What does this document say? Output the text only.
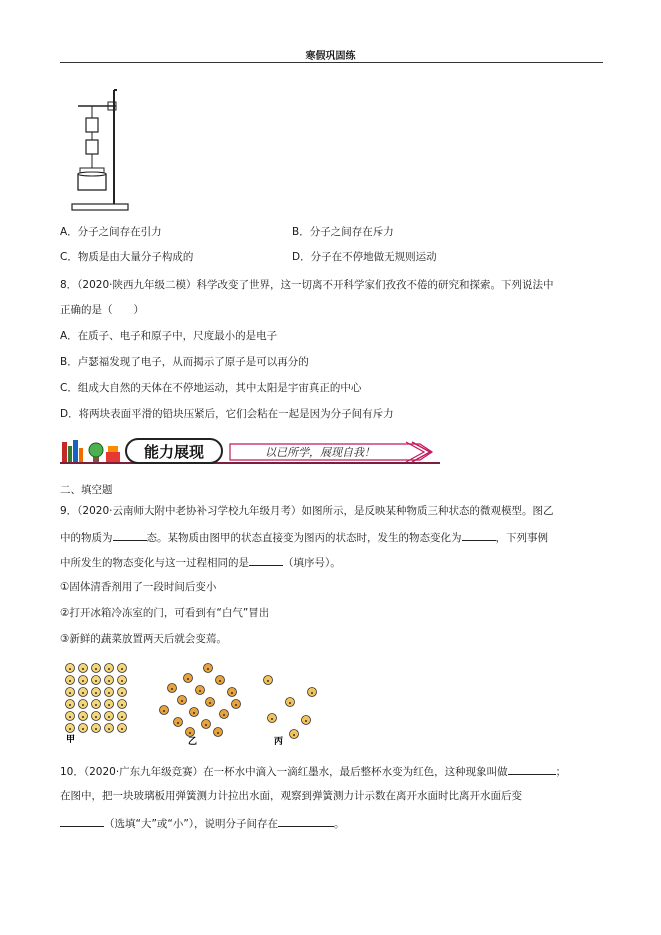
寒假巩固练
A．分子之间存在引力	B．分子之间存在斥力
C．物质是由大量分子构成的	D．分子在不停地做无规则运动
8．（2020·陕西九年级二模）科学改变了世界，这一切离不开科学家们孜孜不倦的研究和探索。下列说法中
正确的是（　　）
A．在质子、电子和原子中，尺度最小的是电子
B．卢瑟福发现了电子，从而揭示了原子是可以再分的
C．组成大自然的天体在不停地运动，其中太阳是宇宙真正的中心
D．将两块表面平滑的铅块压紧后，它们会粘在一起是因为分子间有斥力
能力展现	以已所学，展现自我！
二、填空题
9．（2020·云南师大附中老协补习学校九年级月考）如图所示，是反映某种物质三种状态的微观模型。图乙
中的物质为	态。某物质由图甲的状态直接变为图丙的状态时，发生的物态变化为	，下列事例
中所发生的物态变化与这一过程相同的是	（填序号）。
①固体清香剂用了一段时间后变小
②打开冰箱冷冻室的门，可看到有“白气”冒出
③新鲜的蔬菜放置两天后就会变蔫。
甲	乙	丙
10．（2020·广东九年级竞赛）在一杯水中滴入一滴红墨水，最后整杯水变为红色，这种现象叫做	；
在图中，把一块玻璃板用弹簧测力计拉出水面，观察到弹簧测力计示数在离开水面时比离开水面后变
（选填“大”或“小”），说明分子间存在	。
